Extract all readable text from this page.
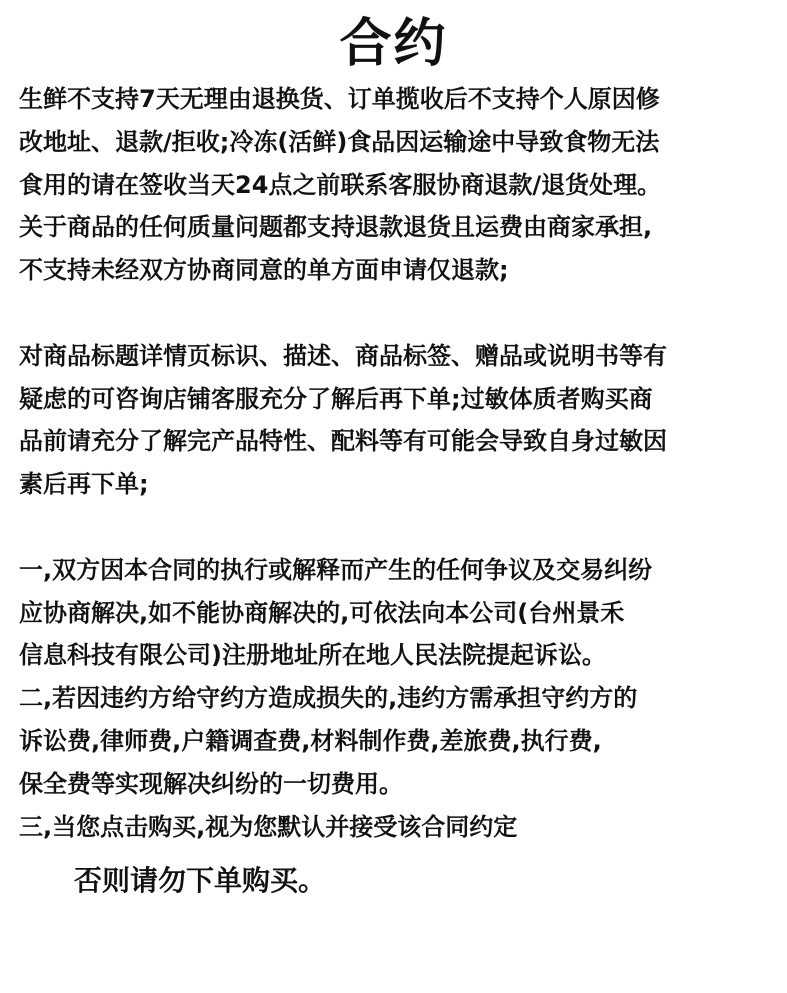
合约
生鲜不支持7天无理由退换货、订单揽收后不支持个人原因修
改地址、退款/拒收;冷冻(活鲜)食品因运输途中导致食物无法
食用的请在签收当天24点之前联系客服协商退款/退货处理。
关于商品的任何质量问题都支持退款退货且运费由商家承担,
不支持未经双方协商同意的单方面申请仅退款;
对商品标题详情页标识、描述、商品标签、赠品或说明书等有
疑虑的可咨询店铺客服充分了解后再下单;过敏体质者购买商
品前请充分了解完产品特性、配料等有可能会导致自身过敏因
素后再下单;
一,双方因本合同的执行或解释而产生的任何争议及交易纠纷
应协商解决,如不能协商解决的,可依法向本公司(台州景禾
信息科技有限公司)注册地址所在地人民法院提起诉讼。
二,若因违约方给守约方造成损失的,违约方需承担守约方的
诉讼费,律师费,户籍调查费,材料制作费,差旅费,执行费,
保全费等实现解决纠纷的一切费用。
三,当您点击购买,视为您默认并接受该合同约定
否则请勿下单购买。
